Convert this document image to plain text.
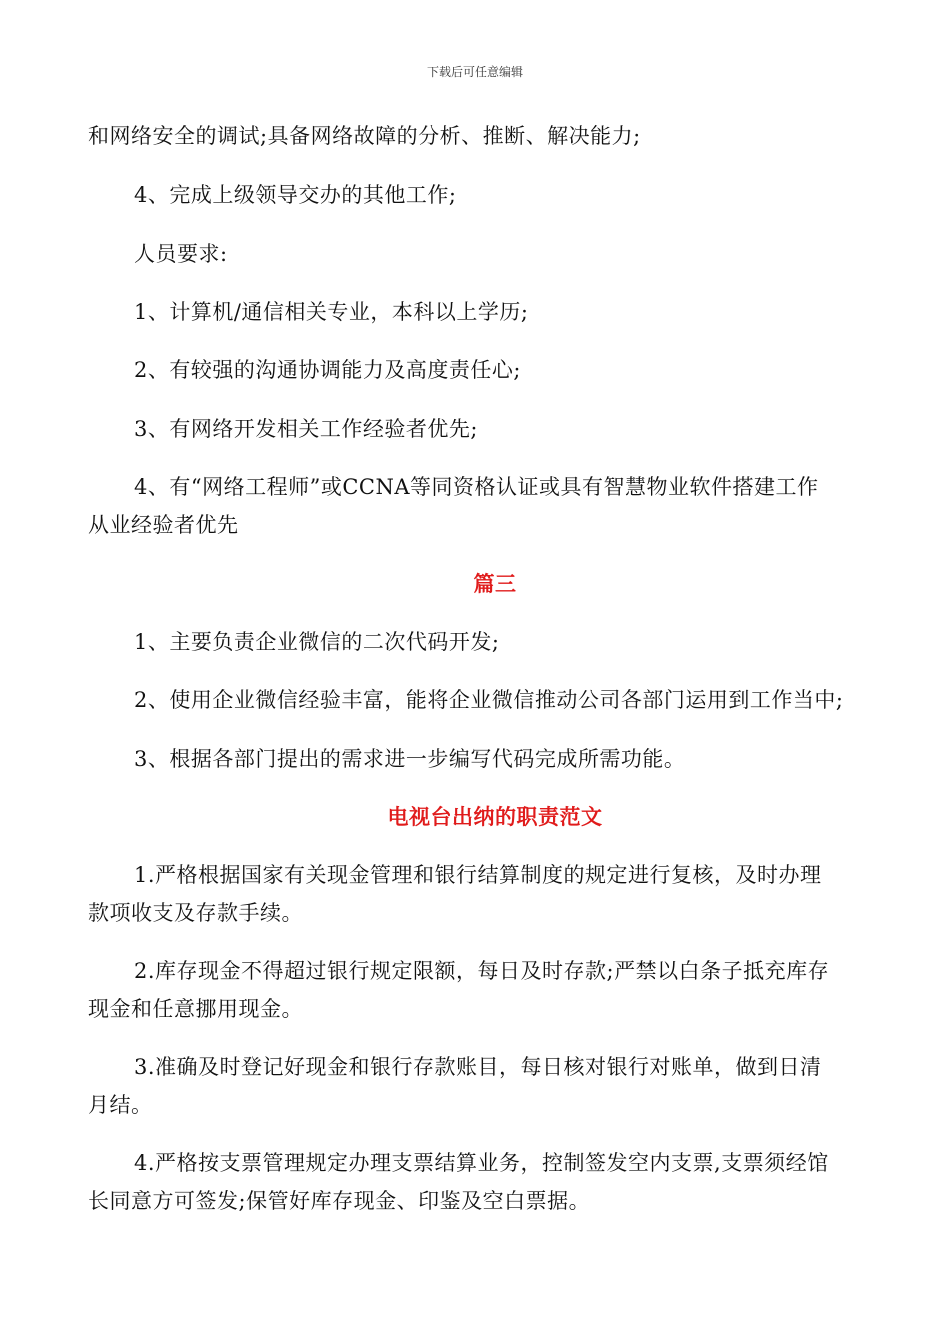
下载后可任意编辑
和网络安全的调试;具备网络故障的分析、推断、解决能力;
4、完成上级领导交办的其他工作;
人员要求:
1、计算机/通信相关专业，本科以上学历;
2、有较强的沟通协调能力及高度责任心;
3、有网络开发相关工作经验者优先;
4、有“网络工程师”或CCNA等同资格认证或具有智慧物业软件搭建工作
从业经验者优先
篇三
1、主要负责企业微信的二次代码开发;
2、使用企业微信经验丰富，能将企业微信推动公司各部门运用到工作当中;
3、根据各部门提出的需求进一步编写代码完成所需功能。
电视台出纳的职责范文
1.严格根据国家有关现金管理和银行结算制度的规定进行复核，及时办理
款项收支及存款手续。
2.库存现金不得超过银行规定限额，每日及时存款;严禁以白条子抵充库存
现金和任意挪用现金。
3.准确及时登记好现金和银行存款账目，每日核对银行对账单，做到日清
月结。
4.严格按支票管理规定办理支票结算业务，控制签发空内支票,支票须经馆
长同意方可签发;保管好库存现金、印鉴及空白票据。
